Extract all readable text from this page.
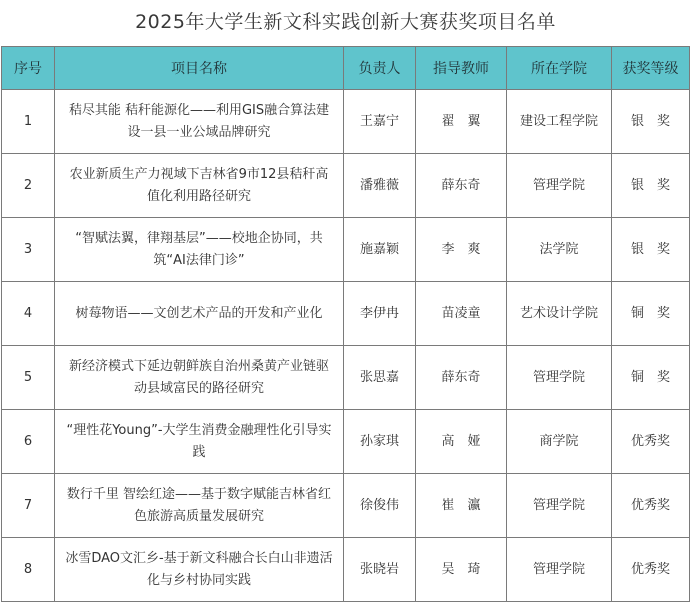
2025年大学生新文科实践创新大赛获奖项目名单
序号	项目名称	负责人	指导教师	所在学院	获奖等级
1	秸尽其能 秸秆能源化——利用GIS融合算法建设一县一业公域品牌研究	王嘉宁	翟　翼	建设工程学院	银　奖
2	农业新质生产力视域下吉林省9市12县秸秆高值化利用路径研究	潘雅薇	薛东奇	管理学院	银　奖
3	“智赋法翼，律翔基层”——校地企协同，共筑“AI法律门诊”	施嘉颖	李　爽	法学院	银　奖
4	树莓物语——文创艺术产品的开发和产业化	李伊冉	苗凌童	艺术设计学院	铜　奖
5	新经济模式下延边朝鲜族自治州桑黄产业链驱动县域富民的路径研究	张思嘉	薛东奇	管理学院	铜　奖
6	“理性花Young”-大学生消费金融理性化引导实践	孙家琪	高　娅	商学院	优秀奖
7	数行千里 智绘红途——基于数字赋能吉林省红色旅游高质量发展研究	徐俊伟	崔　瀛	管理学院	优秀奖
8	冰雪DAO文汇乡-基于新文科融合长白山非遗活化与乡村协同实践	张晓岩	吴　琦	管理学院	优秀奖
